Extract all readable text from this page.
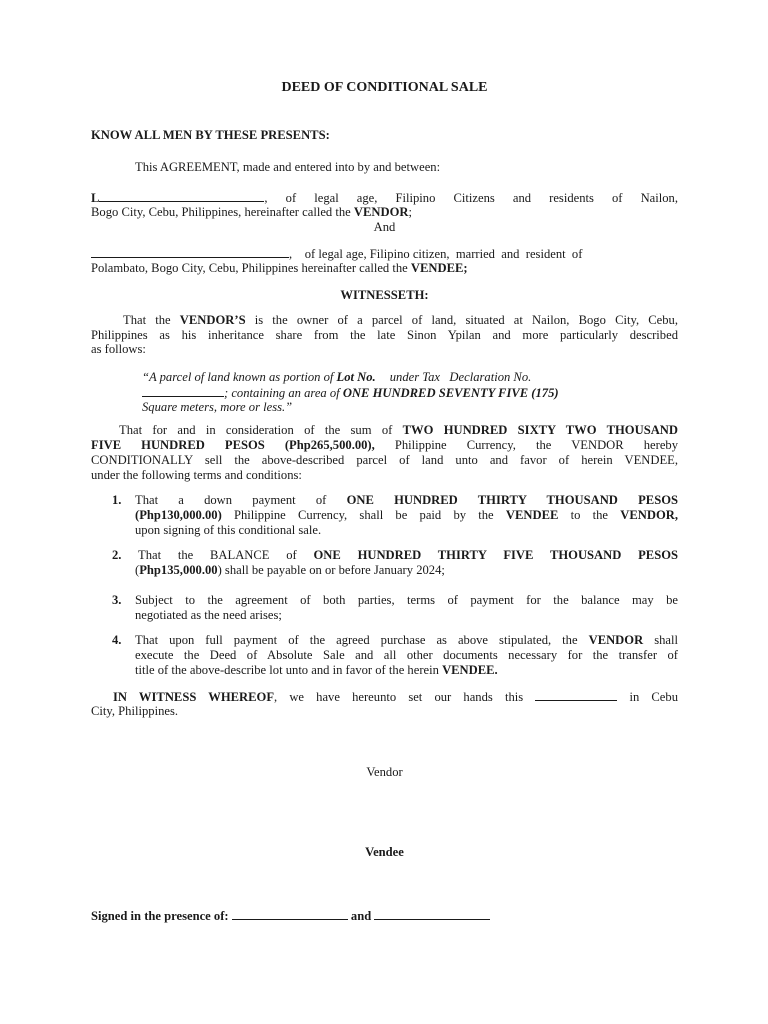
DEED OF CONDITIONAL SALE
KNOW ALL MEN BY THESE PRESENTS:
This AGREEMENT, made and entered into by and between:
L	, of legal age, Filipino Citizens and residents of Nailon,
Bogo City, Cebu, Philippines, hereinafter called the VENDOR;
And
,    of legal age, Filipino citizen,  married  and  resident  of
Polambato, Bogo City, Cebu, Philippines hereinafter called the VENDEE;
WITNESSETH:
That the VENDOR’S is the owner of a parcel of land, situated at Nailon, Bogo City, Cebu,
Philippines as his inheritance share from the late Sinon Ypilan and more particularly described
as follows:
“A parcel of land known as portion of Lot No. under Tax   Declaration No.
; containing an area of ONE HUNDRED SEVENTY FIVE (175)
Square meters, more or less.”
That for and in consideration of the sum of TWO HUNDRED SIXTY TWO THOUSAND
FIVE HUNDRED PESOS (Php265,500.00), Philippine Currency, the VENDOR hereby
CONDITIONALLY sell the above-described parcel of land unto and favor of herein VENDEE,
under the following terms and conditions:
1. That a down payment of ONE HUNDRED THIRTY THOUSAND PESOS
(Php130,000.00) Philippine Currency, shall be paid by the VENDEE to the VENDOR,
upon signing of this conditional sale.
2. That the BALANCE of ONE HUNDRED THIRTY FIVE THOUSAND PESOS
(Php135,000.00) shall be payable on or before January 2024;
3. Subject to the agreement of both parties, terms of payment for the balance may be
negotiated as the need arises;
4. That upon full payment of the agreed purchase as above stipulated, the VENDOR shall
execute the Deed of Absolute Sale and all other documents necessary for the transfer of
title of the above-describe lot unto and in favor of the herein VENDEE.
IN WITNESS WHEREOF, we have hereunto set our hands this	in Cebu
City, Philippines.
Vendor
Vendee
Signed in the presence of:	and
